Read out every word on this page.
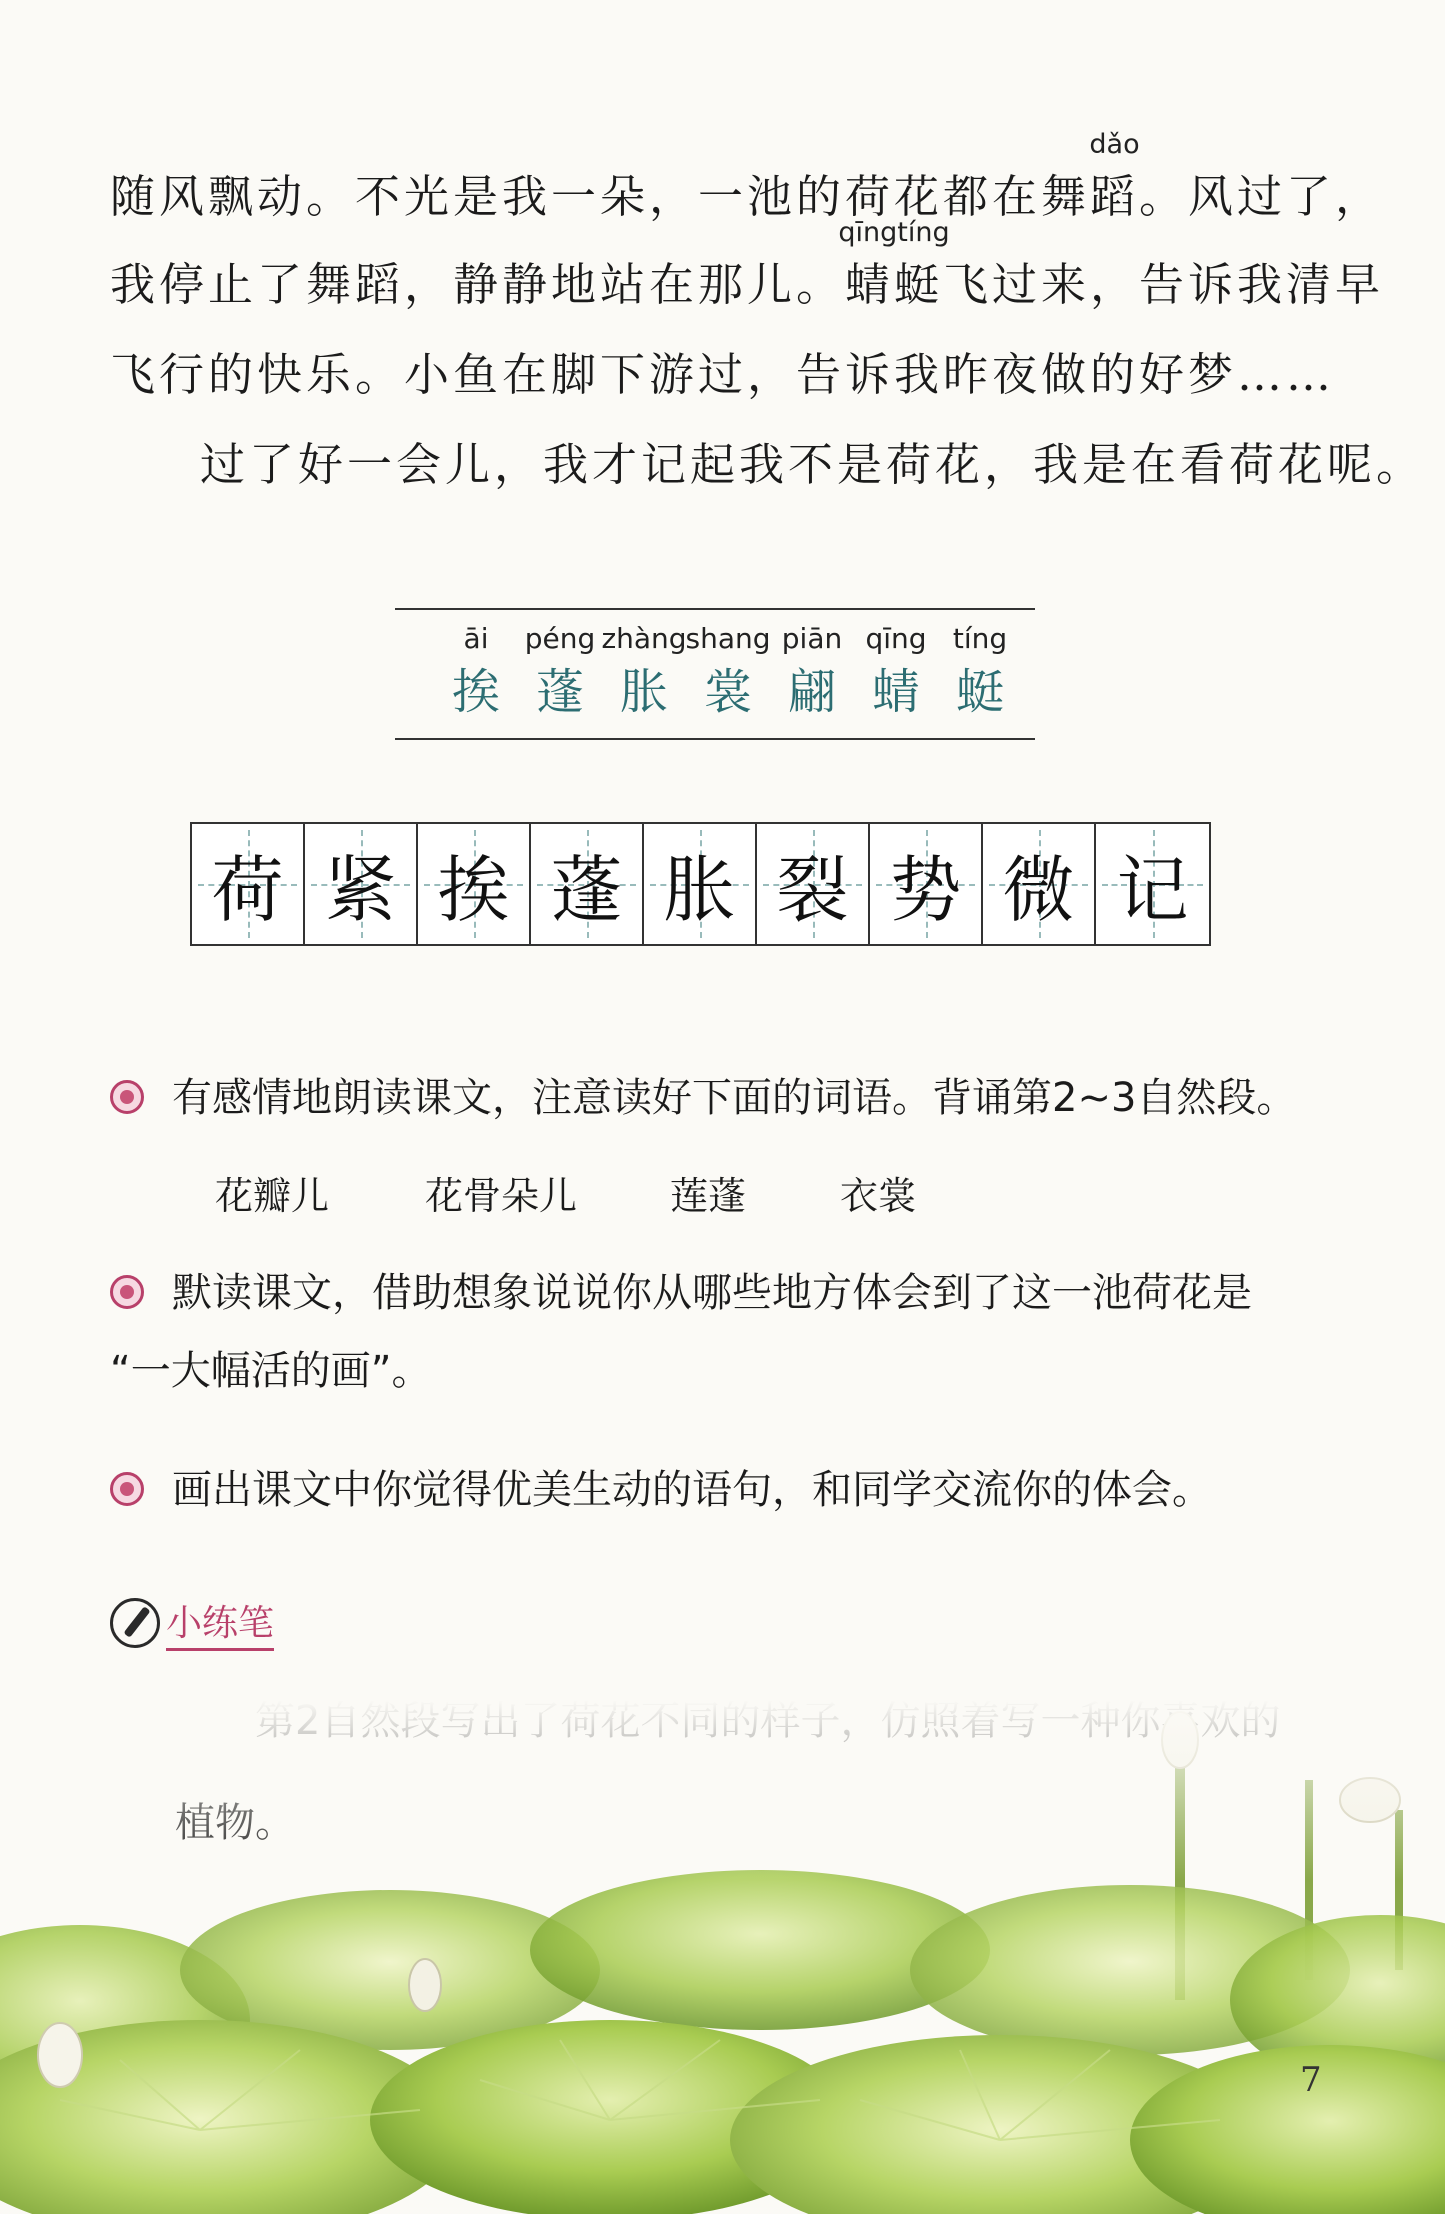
随风飘动。不光是我一朵，一池的荷花都在舞蹈
dǎo
。风过了，
我停止了舞蹈，静静地站在那儿。蜻蜓
qīngtíng
飞过来，告诉我清早
飞行的快乐。小鱼在脚下游过，告诉我昨夜做的好梦……
过了好一会儿，我才记起我不是荷花，我是在看荷花呢。
āi
挨
péng
蓬
zhàng
胀
shang
裳
piān
翩
qīng
蜻
tíng
蜓
荷 紧 挨 蓬 胀 裂 势 微 记
有感情地朗读课文，注意读好下面的词语。背诵第2~3自然段。
花瓣儿	花骨朵儿 莲蓬 衣裳
默读课文，借助想象说说你从哪些地方体会到了这一池荷花是
“一大幅活的画”。
画出课文中你觉得优美生动的语句，和同学交流你的体会。
小练笔
7
